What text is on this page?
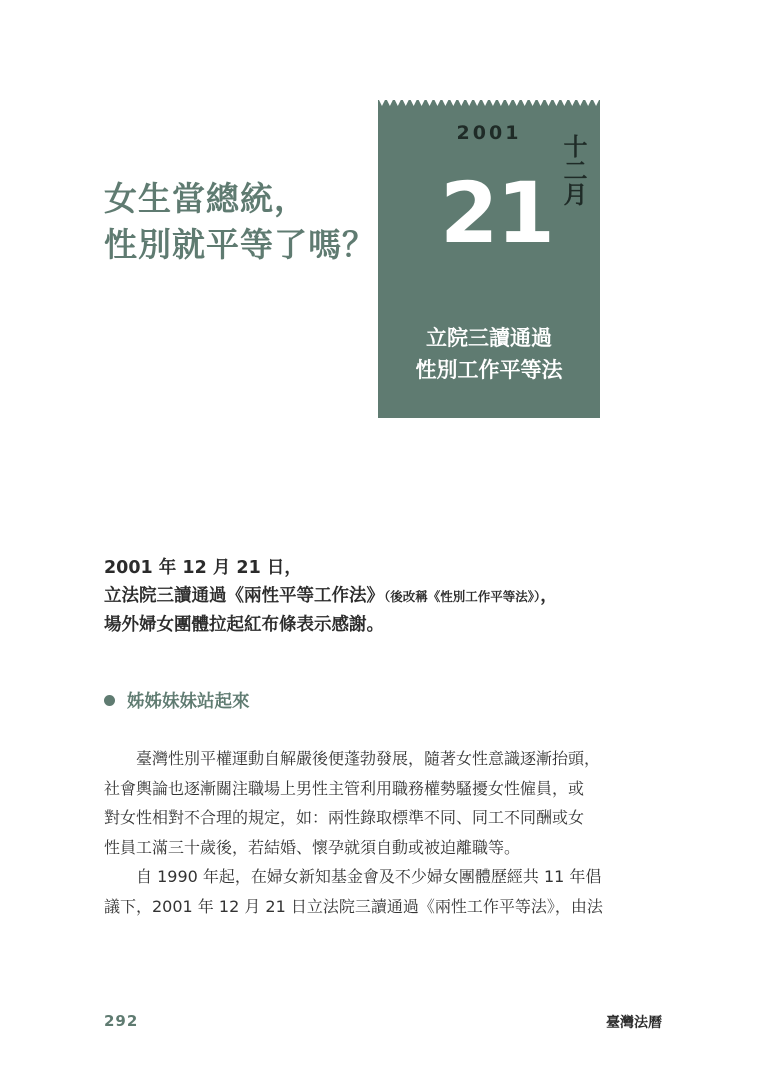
女生當總統，
性別就平等了嗎？
2001
21 十二月
立院三讀通過
性別工作平等法
2001 年 12 月 21 日，
立法院三讀通過《兩性平等工作法》（後改稱《性別工作平等法》），
場外婦女團體拉起紅布條表示感謝。
姊姊妹妹站起來
臺灣性別平權運動自解嚴後便蓬勃發展，隨著女性意識逐漸抬頭，
社會輿論也逐漸關注職場上男性主管利用職務權勢騷擾女性僱員，或
對女性相對不合理的規定，如：兩性錄取標準不同、同工不同酬或女
性員工滿三十歲後，若結婚、懷孕就須自動或被迫離職等。
自 1990 年起，在婦女新知基金會及不少婦女團體歷經共 11 年倡
議下，2001 年 12 月 21 日立法院三讀通過《兩性工作平等法》，由法
292	臺灣法曆
